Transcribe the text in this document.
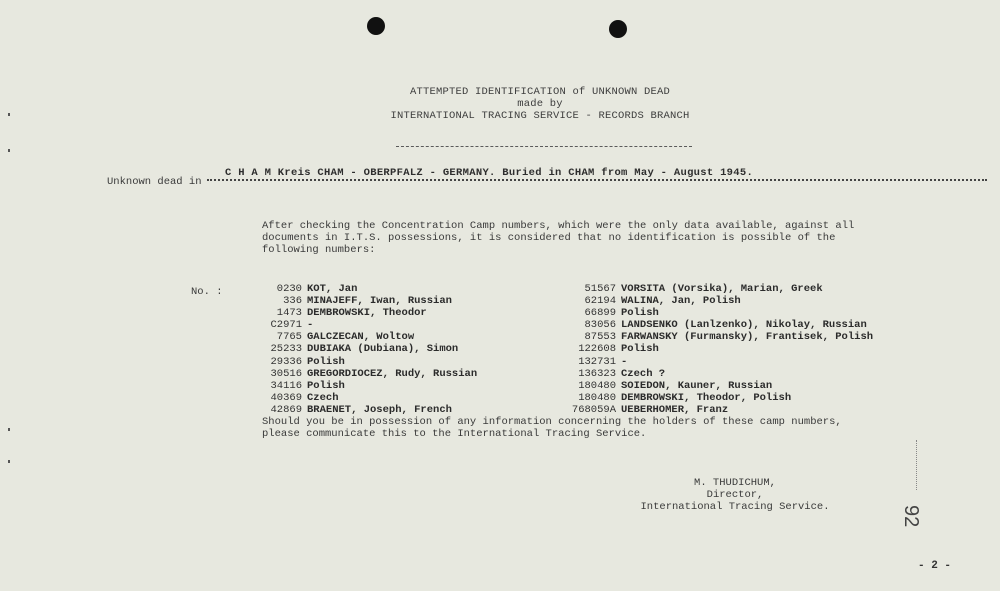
ATTEMPTED IDENTIFICATION of UNKNOWN DEAD
made by
INTERNATIONAL TRACING SERVICE - RECORDS BRANCH
Unknown dead in
C H A M Kreis CHAM - OBERPFALZ - GERMANY. Buried in CHAM from May - August 1945.
After checking the Concentration Camp numbers, which were the only data available, against all
documents in I.T.S. possessions, it is considered that no identification is possible of the
following numbers:
No. :	0230 KOT, Jan
336 MINAJEFF, Iwan, Russian
1473 DEMBROWSKI, Theodor
C2971 -
7765 GALCZECAN, Woltow
25233 DUBIAKA (Dubiana), Simon
29336 Polish
30516 GREGORDIOCEZ, Rudy, Russian
34116 Polish
40369 Czech
42869 BRAENET, Joseph, French
51567 VORSITA (Vorsika), Marian, Greek
62194 WALINA, Jan, Polish
66899 Polish
83056 LANDSENKO (Lanlzenko), Nikolay, Russian
87553 FARWANSKY (Furmansky), Frantisek, Polish
122608 Polish
132731 -
136323 Czech ?
180480 SOIEDON, Kauner, Russian
180480 DEMBROWSKI, Theodor, Polish
768059A UEBERHOMER, Franz
Should you be in possession of any information concerning the holders of these camp numbers,
please communicate this to the International Tracing Service.
M. THUDICHUM,
Director,
International Tracing Service.	92
- 2 -
